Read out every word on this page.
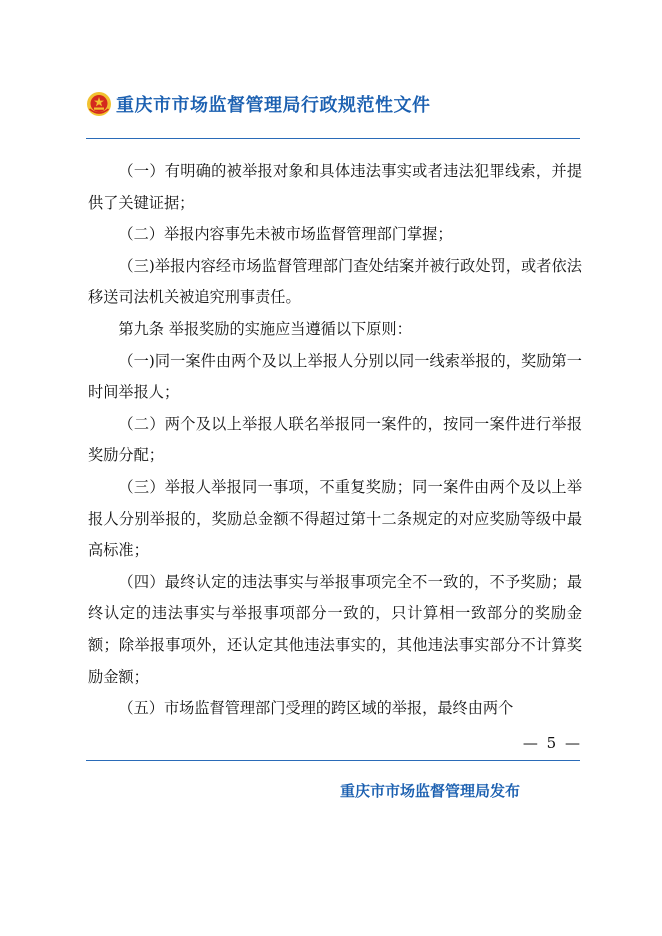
重庆市市场监督管理局行政规范性文件

（一）有明确的被举报对象和具体违法事实或者违法犯罪线索，并提供了关键证据；

（二）举报内容事先未被市场监督管理部门掌握；

（三)举报内容经市场监督管理部门查处结案并被行政处罚，或者依法移送司法机关被追究刑事责任。

第九条 举报奖励的实施应当遵循以下原则：

（一)同一案件由两个及以上举报人分别以同一线索举报的，奖励第一时间举报人；

（二）两个及以上举报人联名举报同一案件的，按同一案件进行举报奖励分配；

（三）举报人举报同一事项，不重复奖励；同一案件由两个及以上举报人分别举报的，奖励总金额不得超过第十二条规定的对应奖励等级中最高标准；

（四）最终认定的违法事实与举报事项完全不一致的，不予奖励；最终认定的违法事实与举报事项部分一致的，只计算相一致部分的奖励金额；除举报事项外，还认定其他违法事实的，其他违法事实部分不计算奖励金额；

（五）市场监督管理部门受理的跨区域的举报，最终由两个

— 5 —
重庆市市场监督管理局发布
